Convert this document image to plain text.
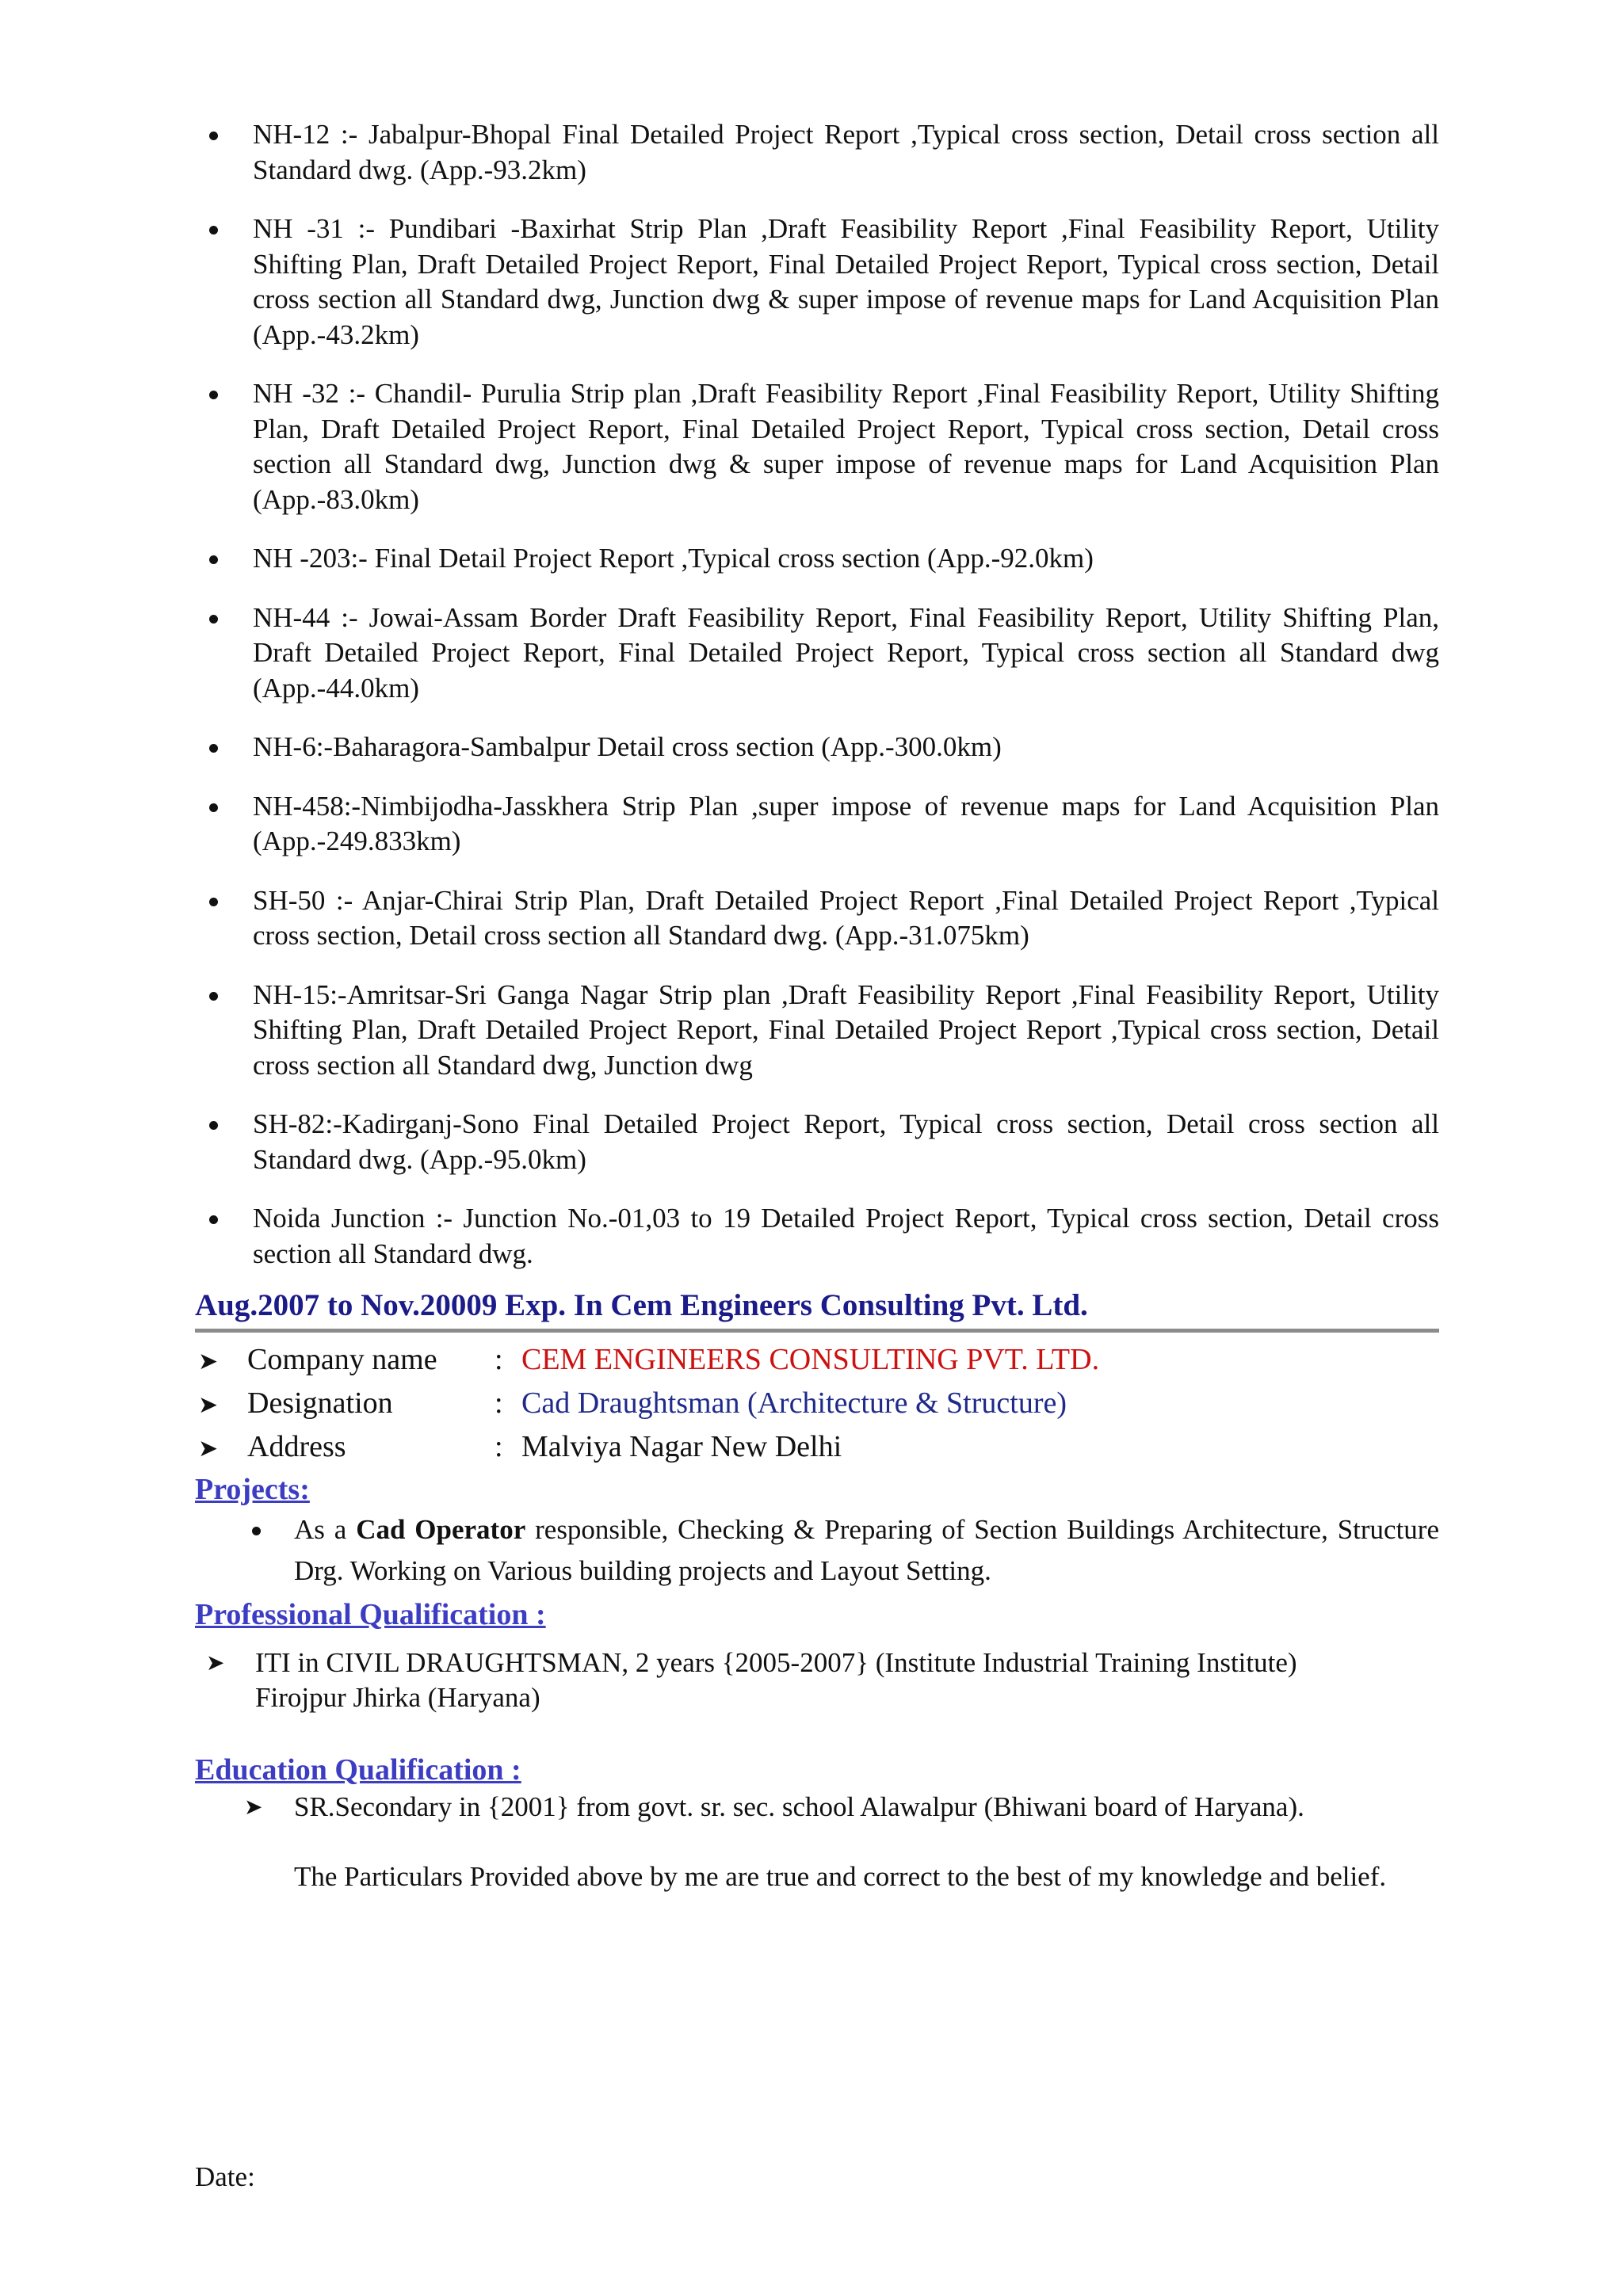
NH-12 :- Jabalpur-Bhopal Final Detailed Project Report ,Typical cross section, Detail cross section all Standard dwg. (App.-93.2km)
NH -31 :- Pundibari -Baxirhat Strip Plan ,Draft Feasibility Report ,Final Feasibility Report, Utility Shifting Plan, Draft Detailed Project Report, Final Detailed Project Report, Typical cross section, Detail cross section all Standard dwg, Junction dwg & super impose of revenue maps for Land Acquisition Plan (App.-43.2km)
NH -32 :- Chandil- Purulia Strip plan ,Draft Feasibility Report ,Final Feasibility Report, Utility Shifting Plan, Draft Detailed Project Report, Final Detailed Project Report, Typical cross section, Detail cross section all Standard dwg, Junction dwg & super impose of revenue maps for Land Acquisition Plan (App.-83.0km)
NH -203:- Final Detail Project Report ,Typical cross section (App.-92.0km)
NH-44 :- Jowai-Assam Border Draft Feasibility Report, Final Feasibility Report, Utility Shifting Plan, Draft Detailed Project Report, Final Detailed Project Report, Typical cross section all Standard dwg (App.-44.0km)
NH-6:-Baharagora-Sambalpur Detail cross section (App.-300.0km)
NH-458:-Nimbijodha-Jasskhera Strip Plan ,super impose of revenue maps for Land Acquisition Plan (App.-249.833km)
SH-50 :- Anjar-Chirai Strip Plan, Draft Detailed Project Report ,Final Detailed Project Report ,Typical cross section, Detail cross section all Standard dwg. (App.-31.075km)
NH-15:-Amritsar-Sri Ganga Nagar Strip plan ,Draft Feasibility Report ,Final Feasibility Report, Utility Shifting Plan, Draft Detailed Project Report, Final Detailed Project Report ,Typical cross section, Detail cross section all Standard dwg, Junction dwg
SH-82:-Kadirganj-Sono Final Detailed Project Report, Typical cross section, Detail cross section all Standard dwg. (App.-95.0km)
Noida Junction :- Junction No.-01,03 to 19 Detailed Project Report, Typical cross section, Detail cross section all Standard dwg.
Aug.2007 to Nov.20009 Exp. In Cem Engineers Consulting Pvt. Ltd.
➤ Company name	: CEM ENGINEERS CONSULTING PVT. LTD.
➤ Designation	: Cad Draughtsman (Architecture & Structure)
➤ Address	: Malviya Nagar New Delhi
Projects:
As a Cad Operator responsible, Checking & Preparing of Section Buildings Architecture, Structure Drg. Working on Various building projects and Layout Setting.
Professional Qualification :
➤ ITI in CIVIL DRAUGHTSMAN, 2 years {2005-2007} (Institute Industrial Training Institute)
Firojpur Jhirka (Haryana)
Education Qualification :
➤ SR.Secondary in {2001} from govt. sr. sec. school Alawalpur (Bhiwani board of Haryana).
The Particulars Provided above by me are true and correct to the best of my knowledge and belief.
Date:
